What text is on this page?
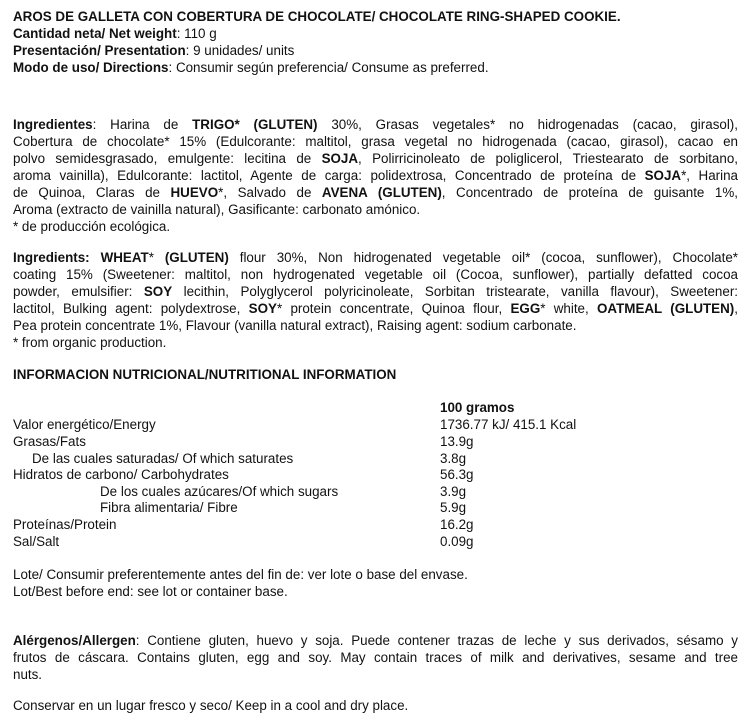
AROS DE GALLETA CON COBERTURA DE CHOCOLATE/ CHOCOLATE RING-SHAPED COOKIE.
Cantidad neta/ Net weight: 110 g
Presentación/ Presentation: 9 unidades/ units
Modo de uso/ Directions: Consumir según preferencia/ Consume as preferred.
Ingredientes: Harina de TRIGO* (GLUTEN) 30%, Grasas vegetales* no hidrogenadas (cacao, girasol),
Cobertura de chocolate* 15% (Edulcorante: maltitol, grasa vegetal no hidrogenada (cacao, girasol), cacao en
polvo semidesgrasado, emulgente: lecitina de SOJA, Polirricinoleato de poliglicerol, Triestearato de sorbitano,
aroma vainilla), Edulcorante: lactitol, Agente de carga: polidextrosa, Concentrado de proteína de SOJA*, Harina
de Quinoa, Claras de HUEVO*, Salvado de AVENA (GLUTEN), Concentrado de proteína de guisante 1%,
Aroma (extracto de vainilla natural), Gasificante: carbonato amónico.
* de producción ecológica.
Ingredients: WHEAT* (GLUTEN) flour 30%, Non hidrogenated vegetable oil* (cocoa, sunflower), Chocolate*
coating 15% (Sweetener: maltitol, non hydrogenated vegetable oil (Cocoa, sunflower), partially defatted cocoa
powder, emulsifier: SOY lecithin, Polyglycerol polyricinoleate, Sorbitan tristearate, vanilla flavour), Sweetener:
lactitol, Bulking agent: polydextrose, SOY* protein concentrate, Quinoa flour, EGG* white, OATMEAL (GLUTEN),
Pea protein concentrate 1%, Flavour (vanilla natural extract), Raising agent: sodium carbonate.
* from organic production.
INFORMACION NUTRICIONAL/NUTRITIONAL INFORMATION
100 gramos
Valor energético/Energy	1736.77 kJ/ 415.1 Kcal
Grasas/Fats	13.9g
De las cuales saturadas/ Of which saturates	3.8g
Hidratos de carbono/ Carbohydrates	56.3g
De los cuales azúcares/Of which sugars	3.9g
Fibra alimentaria/ Fibre	5.9g
Proteínas/Protein	16.2g
Sal/Salt	0.09g
Lote/ Consumir preferentemente antes del fin de: ver lote o base del envase.
Lot/Best before end: see lot or container base.
Alérgenos/Allergen: Contiene gluten, huevo y soja. Puede contener trazas de leche y sus derivados, sésamo y
frutos de cáscara. Contains gluten, egg and soy. May contain traces of milk and derivatives, sesame and tree
nuts.
Conservar en un lugar fresco y seco/ Keep in a cool and dry place.
